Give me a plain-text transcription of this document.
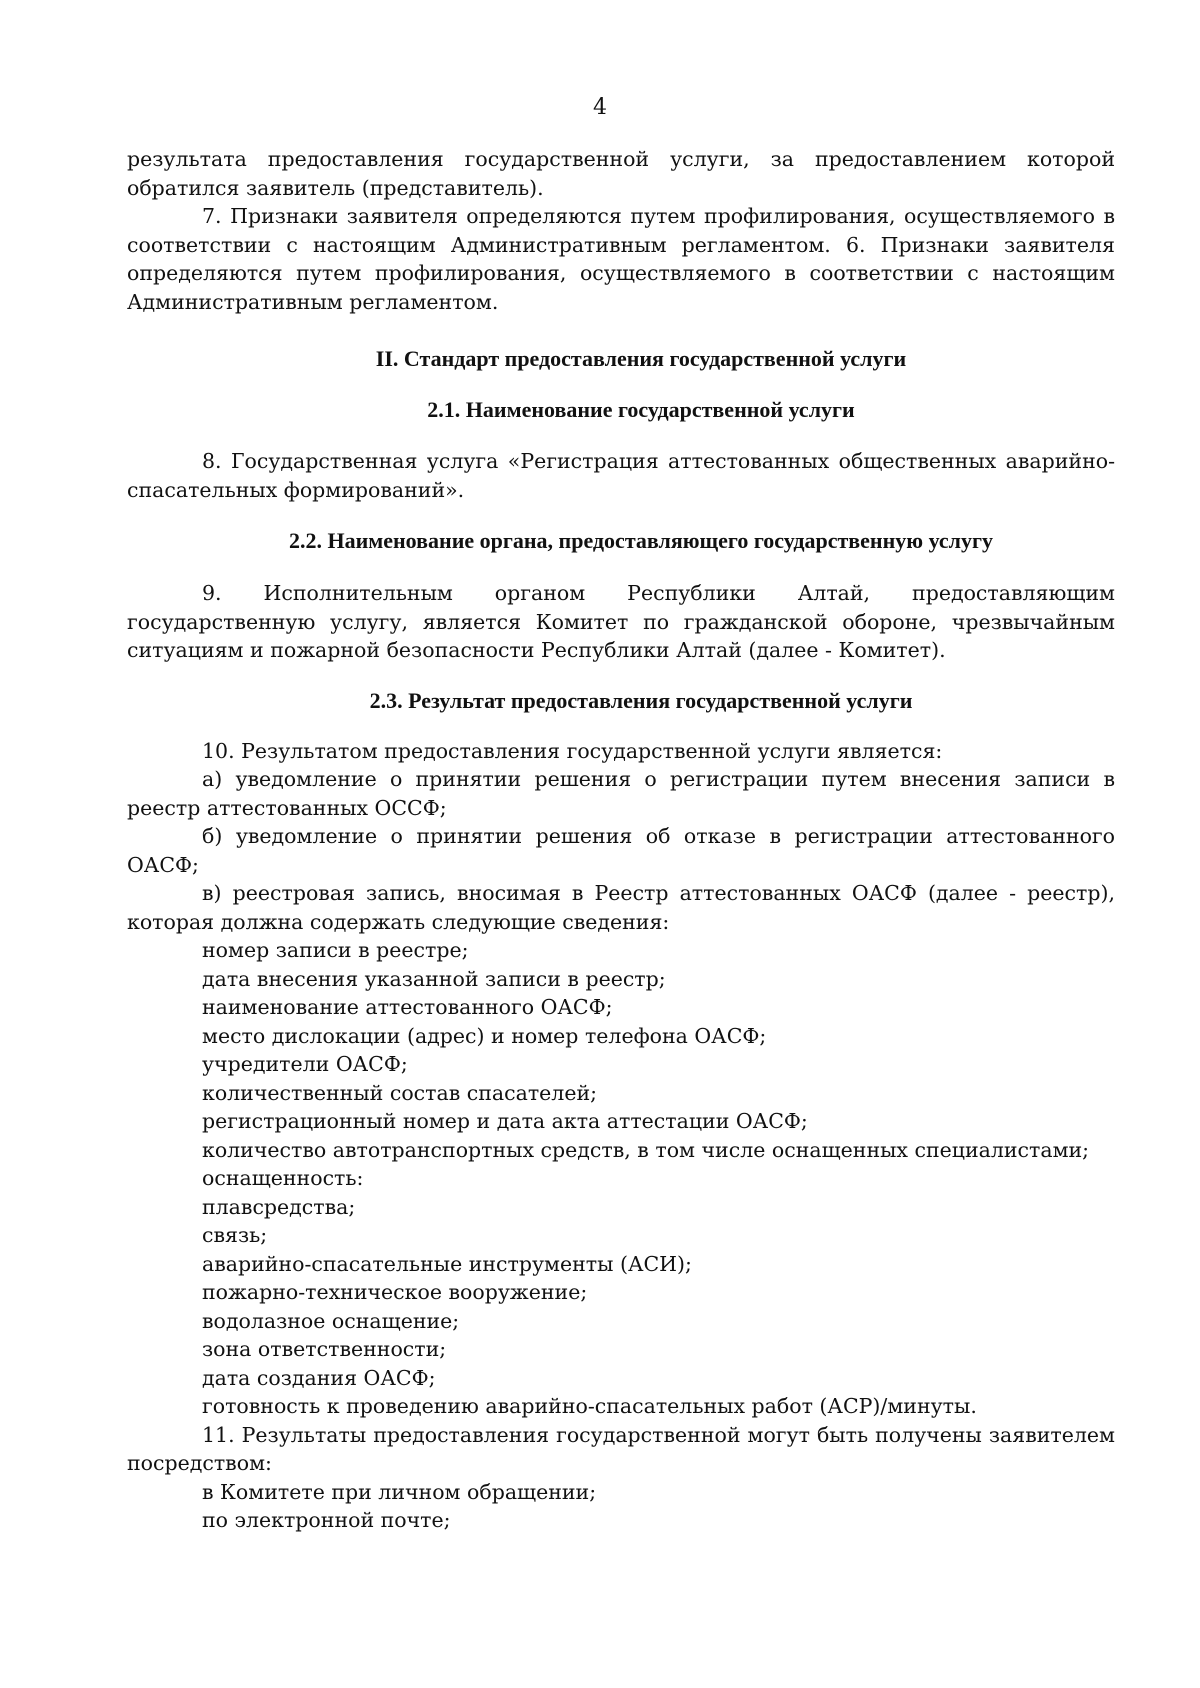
4

результата предоставления государственной услуги, за предоставлением которой обратился заявитель (представитель).

7. Признаки заявителя определяются путем профилирования, осуществляемого в соответствии с настоящим Административным регламентом. 6. Признаки заявителя определяются путем профилирования, осуществляемого в соответствии с настоящим Административным регламентом.

II. Стандарт предоставления государственной услуги
2.1. Наименование государственной услуги

8. Государственная услуга «Регистрация аттестованных общественных аварийно-спасательных формирований».

2.2. Наименование органа, предоставляющего государственную услугу

9. Исполнительным органом Республики Алтай, предоставляющим государственную услугу, является Комитет по гражданской обороне, чрезвычайным ситуациям и пожарной безопасности Республики Алтай (далее - Комитет).

2.3. Результат предоставления государственной услуги

10. Результатом предоставления государственной услуги является:

а) уведомление о принятии решения о регистрации путем внесения записи в реестр аттестованных ОССФ;

б) уведомление о принятии решения об отказе в регистрации аттестованного ОАСФ;

в) реестровая запись, вносимая в Реестр аттестованных ОАСФ (далее - реестр), которая должна содержать следующие сведения:

номер записи в реестре;

дата внесения указанной записи в реестр;

наименование аттестованного ОАСФ;

место дислокации (адрес) и номер телефона ОАСФ;

учредители ОАСФ;

количественный состав спасателей;

регистрационный номер и дата акта аттестации ОАСФ;

количество автотранспортных средств, в том числе оснащенных специалистами;

оснащенность:

плавсредства;

связь;

аварийно-спасательные инструменты (АСИ);

пожарно-техническое вооружение;

водолазное оснащение;

зона ответственности;

дата создания ОАСФ;

готовность к проведению аварийно-спасательных работ (АСР)/минуты.

11. Результаты предоставления государственной могут быть получены заявителем посредством:

в Комитете при личном обращении;

по электронной почте;
